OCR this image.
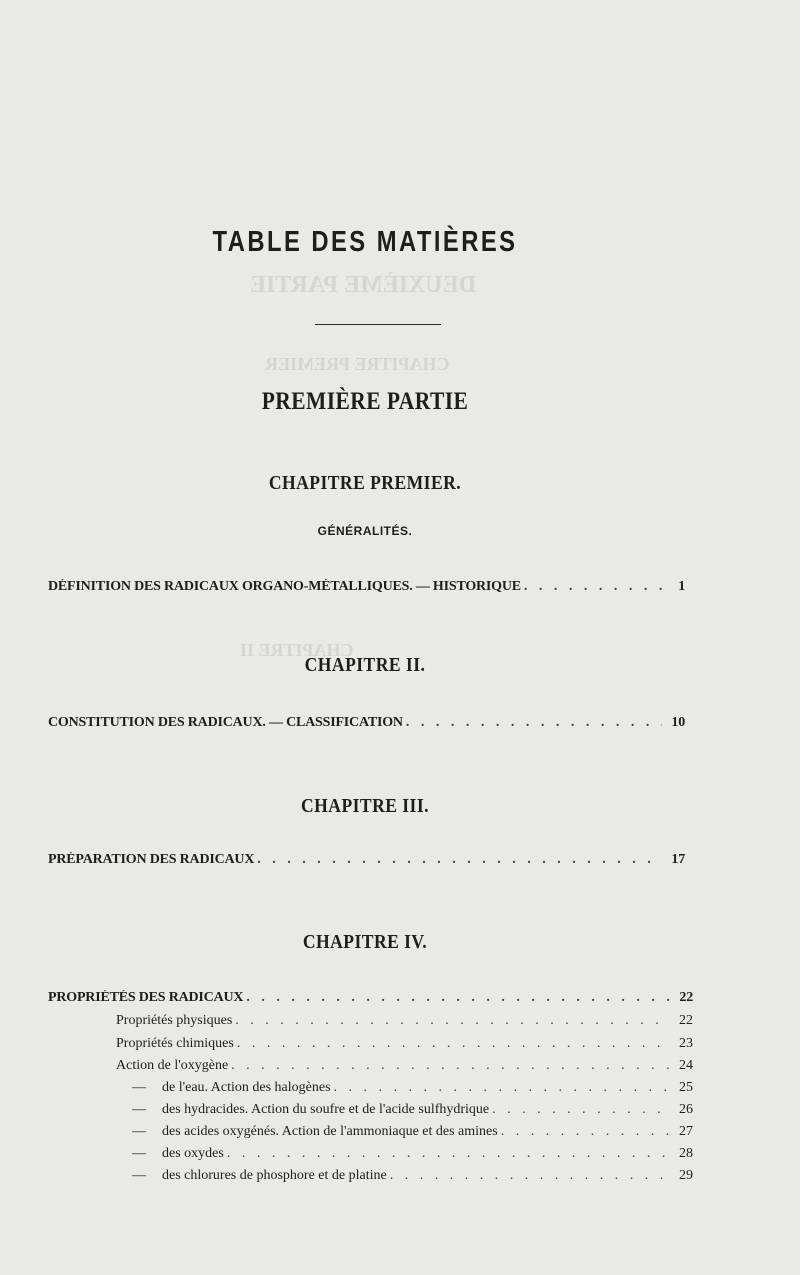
DEUXIÈME PARTIE
CHAPITRE PREMIER
CHAPITRE II
TABLE DES MATIÈRES
PREMIÈRE PARTIE
CHAPITRE PREMIER.
GÉNÉRALITÉS.
DÉFINITION DES RADICAUX ORGANO-MÉTALLIQUES. — HISTORIQUE . . .	1
CHAPITRE II.
CONSTITUTION DES RADICAUX. — CLASSIFICATION . . .	10
CHAPITRE III.
PRÉPARATION DES RADICAUX . . .	17
CHAPITRE IV.
PROPRIÉTÉS DES RADICAUX . . .	22
Propriétés physiques . . .	22
Propriétés chimiques . . .	23
Action de l'oxygène . . .	24
—	de l'eau. Action des halogènes . . .	25
—	des hydracides. Action du soufre et de l'acide sulfhydrique . . .	26
—	des acides oxygénés. Action de l'ammoniaque et des amines . . .	27
—	des oxydes . . .	28
—	des chlorures de phosphore et de platine . . .	29
